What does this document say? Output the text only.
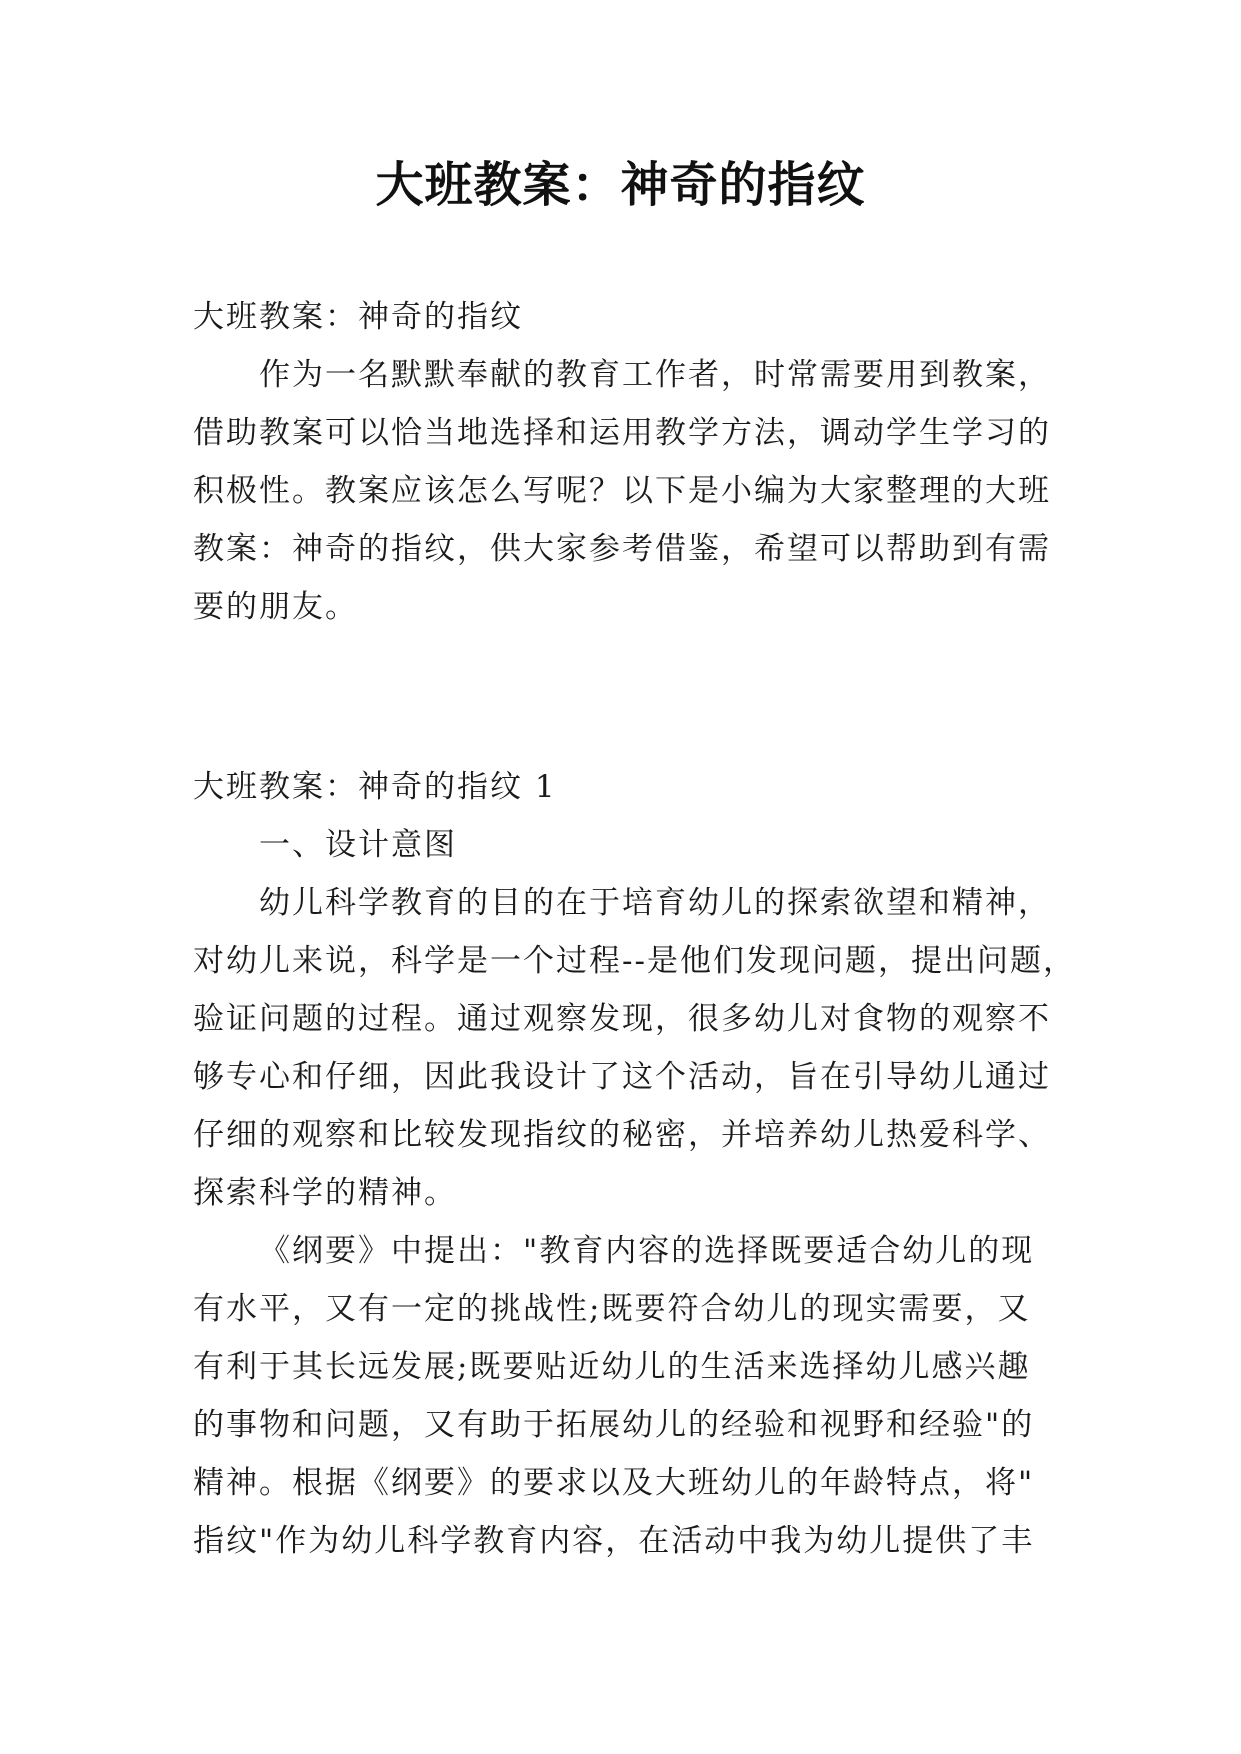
大班教案：神奇的指纹
大班教案：神奇的指纹
作为一名默默奉献的教育工作者，时常需要用到教案，
借助教案可以恰当地选择和运用教学方法，调动学生学习的
积极性。教案应该怎么写呢？以下是小编为大家整理的大班
教案：神奇的指纹，供大家参考借鉴，希望可以帮助到有需
要的朋友。
大班教案：神奇的指纹 1
一、设计意图
幼儿科学教育的目的在于培育幼儿的探索欲望和精神，
对幼儿来说，科学是一个过程--是他们发现问题，提出问题，
验证问题的过程。通过观察发现，很多幼儿对食物的观察不
够专心和仔细，因此我设计了这个活动，旨在引导幼儿通过
仔细的观察和比较发现指纹的秘密，并培养幼儿热爱科学、
探索科学的精神。
《纲要》中提出："教育内容的选择既要适合幼儿的现
有水平，又有一定的挑战性;既要符合幼儿的现实需要，又
有利于其长远发展;既要贴近幼儿的生活来选择幼儿感兴趣
的事物和问题，又有助于拓展幼儿的经验和视野和经验"的
精神。根据《纲要》的要求以及大班幼儿的年龄特点，将"
指纹"作为幼儿科学教育内容，在活动中我为幼儿提供了丰
